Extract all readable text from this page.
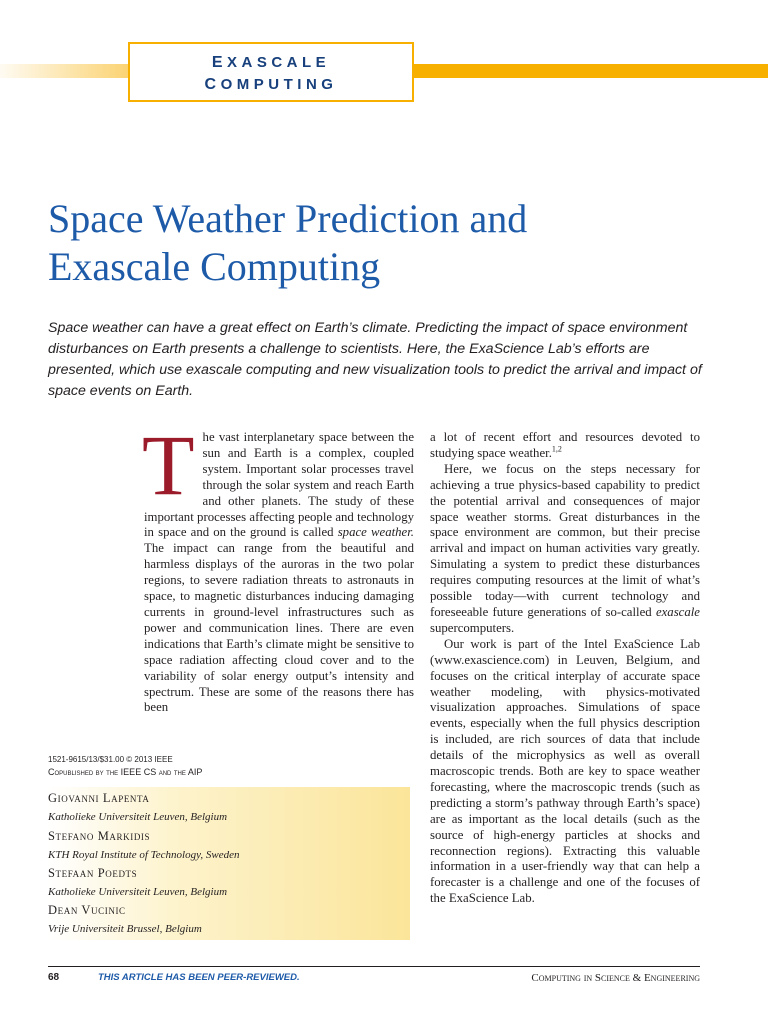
EXASCALE
COMPUTING
Space Weather Prediction and
Exascale Computing

Space weather can have a great effect on Earth’s climate. Predicting the impact of space environment disturbances on Earth presents a challenge to scientists. Here, the ExaScience Lab’s efforts are presented, which use exascale computing and new visualization tools to predict the arrival and impact of space events on Earth.

The vast interplanetary space between the sun and Earth is a complex, coupled system. Important solar processes travel through the solar system and reach Earth and other planets. The study of these important processes affecting people and technology in space and on the ground is called space weather. The impact can range from the beautiful and harmless displays of the auroras in the two polar regions, to severe radiation threats to astronauts in space, to magnetic disturbances inducing damaging currents in ground-level infrastructures such as power and communication lines. There are even indications that Earth’s climate might be sensitive to space radiation affecting cloud cover and to the variability of solar energy output’s intensity and spectrum. These are some of the reasons there has been

a lot of recent effort and resources devoted to studying space weather.$^{1,2}$

Here, we focus on the steps necessary for achieving a true physics-based capability to predict the potential arrival and consequences of major space weather storms. Great disturbances in the space environment are common, but their precise arrival and impact on human activities vary greatly. Simulating a system to predict these disturbances requires computing resources at the limit of what’s possible today—with current technology and foreseeable future generations of so-called exascale supercomputers.

Our work is part of the Intel ExaScience Lab (www.exascience.com) in Leuven, Belgium, and focuses on the critical interplay of accurate space weather modeling, with physics-motivated visualization approaches. Simulations of space events, especially when the full physics description is included, are rich sources of data that include details of the microphysics as well as overall macroscopic trends. Both are key to space weather forecasting, where the macroscopic trends (such as predicting a storm’s pathway through Earth’s space) are as important as the local details (such as the source of high-energy particles at shocks and reconnection regions). Extracting this valuable information in a user-friendly way that can help a forecaster is a challenge and one of the focuses of the ExaScience Lab.

1521-9615/13/$31.00 © 2013 IEEE
Copublished by the IEEE CS and the AIP
Giovanni Lapenta
Katholieke Universiteit Leuven, Belgium
Stefano Markidis
KTH Royal Institute of Technology, Sweden
Stefaan Poedts
Katholieke Universiteit Leuven, Belgium
Dean Vucinic
Vrije Universiteit Brussel, Belgium
68	THIS ARTICLE HAS BEEN PEER-REVIEWED.	Computing in Science & Engineering
